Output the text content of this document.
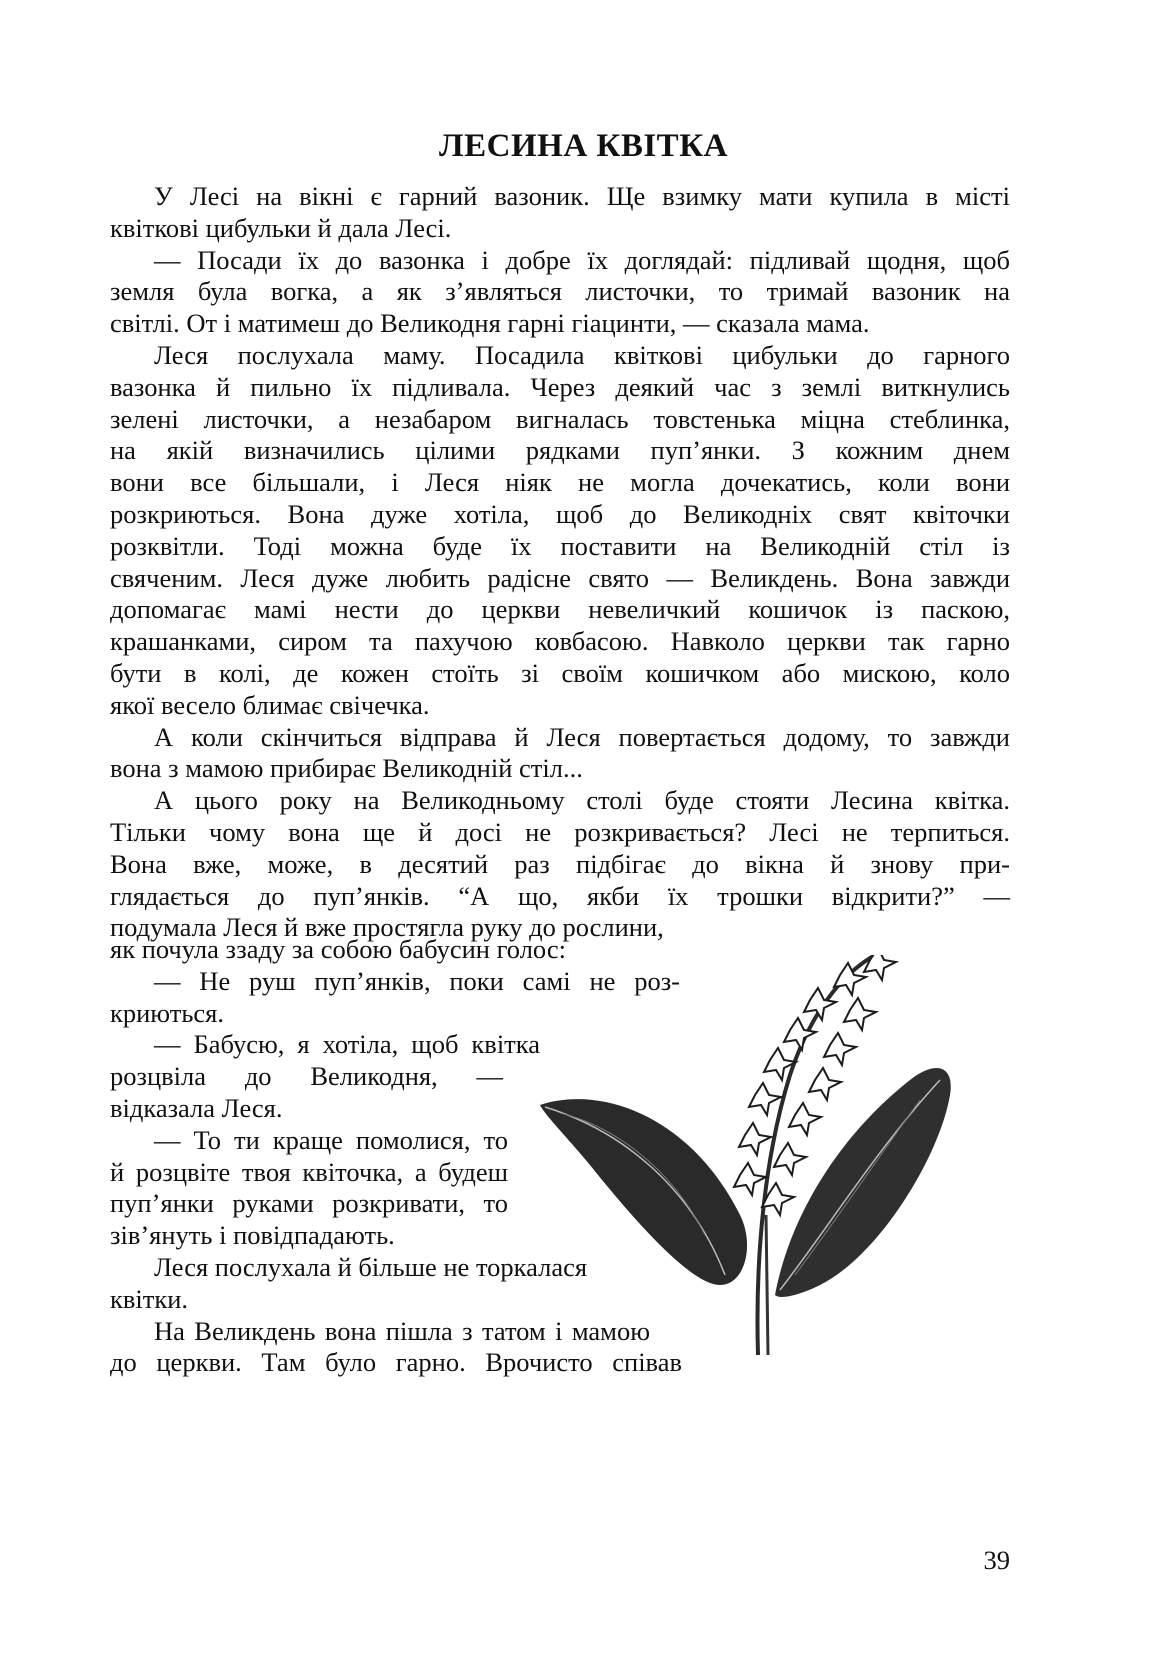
ЛЕСИНА КВІТКА
У Лесі на вікні є гарний вазоник. Ще взимку мати купила в місті
квіткові цибульки й дала Лесі.
— Посади їх до вазонка і добре їх доглядай: підливай щодня, щоб
земля була вогка, а як з’являться листочки, то тримай вазоник на
світлі. От і матимеш до Великодня гарні гіацинти, — сказала мама.
Леся послухала маму. Посадила квіткові цибульки до гарного
вазонка й пильно їх підливала. Через деякий час з землі виткнулись
зелені листочки, а незабаром вигналась товстенька міцна стеблинка,
на якій визначились цілими рядками пуп’янки. З кожним днем
вони все більшали, і Леся ніяк не могла дочекатись, коли вони
розкриються. Вона дуже хотіла, щоб до Великодніх свят квіточки
розквітли. Тоді можна буде їх поставити на Великодній стіл із
свяченим. Леся дуже любить радісне свято — Великдень. Вона завжди
допомагає мамі нести до церкви невеличкий кошичок із паскою,
крашанками, сиром та пахучою ковбасою. Навколо церкви так гарно
бути в колі, де кожен стоїть зі своїм кошичком або мискою, коло
якої весело блимає свічечка.
А коли скінчиться відправа й Леся повертається додому, то завжди
вона з мамою прибирає Великодній стіл...
А цього року на Великодньому столі буде стояти Лесина квітка.
Тільки чому вона ще й досі не розкривається? Лесі не терпиться.
Вона вже, може, в десятий раз підбігає до вікна й знову при-
глядається до пуп’янків. “А що, якби їх трошки відкрити?” —
подумала Леся й вже простягла руку до рослини,
як почула ззаду за собою бабусин голос:
— Не руш пуп’янків, поки самі не роз-
криються.
— Бабусю, я хотіла, щоб квітка
розцвіла до Великодня, —
відказала Леся.
— То ти краще помолися, то
й розцвіте твоя квіточка, а будеш
пуп’янки руками розкривати, то
зів’януть і повідпадають.
Леся послухала й більше не торкалася
квітки.
На Великдень вона пішла з татом і мамою
до церкви. Там було гарно. Врочисто співав
39
